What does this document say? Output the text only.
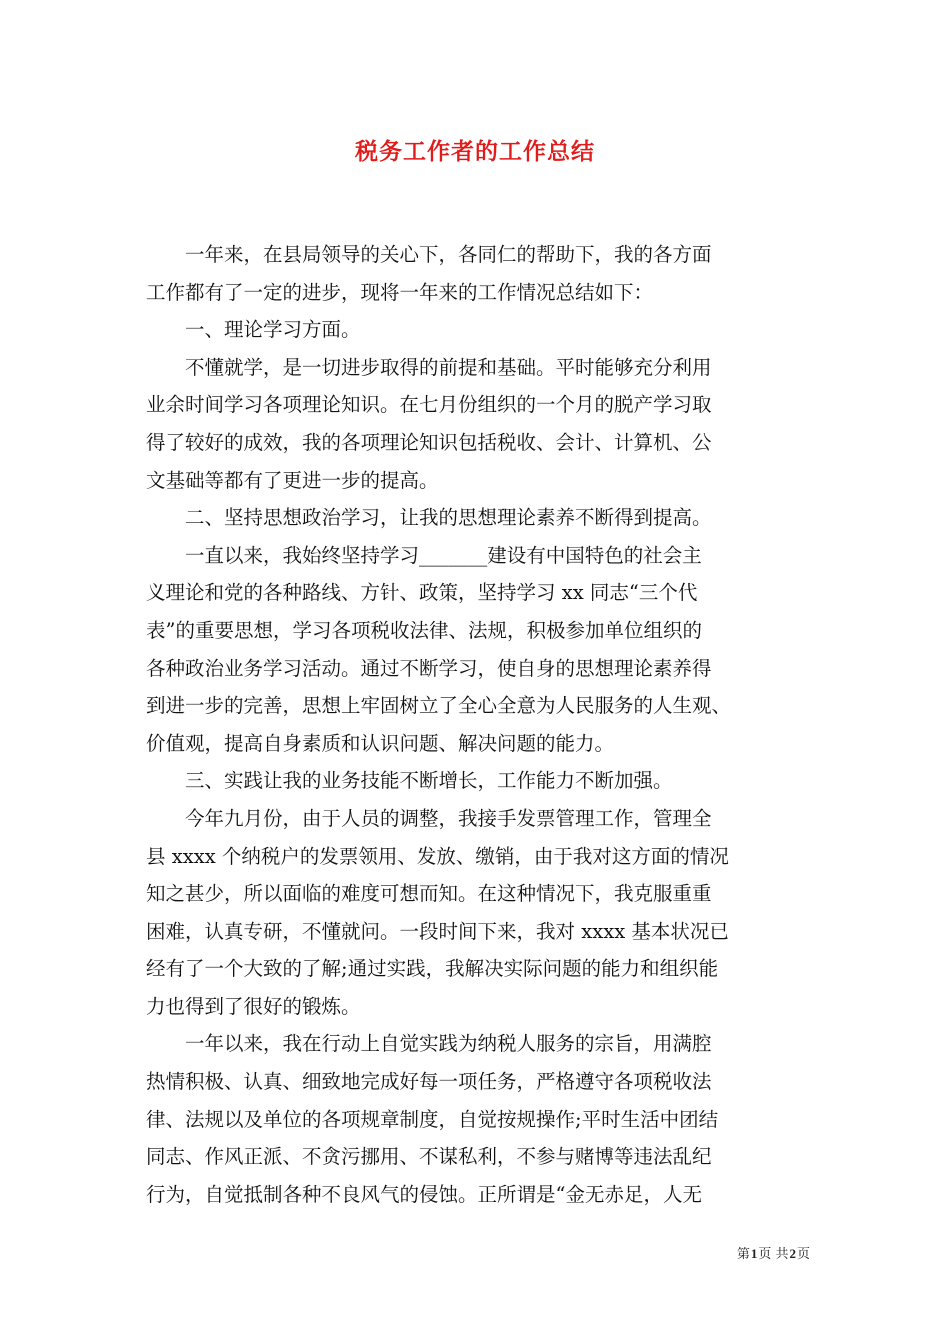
税务工作者的工作总结
一年来，在县局领导的关心下，各同仁的帮助下，我的各方面
工作都有了一定的进步，现将一年来的工作情况总结如下：
一、理论学习方面。
不懂就学，是一切进步取得的前提和基础。平时能够充分利用
业余时间学习各项理论知识。在七月份组织的一个月的脱产学习取
得了较好的成效，我的各项理论知识包括税收、会计、计算机、公
文基础等都有了更进一步的提高。
二、坚持思想政治学习，让我的思想理论素养不断得到提高。
一直以来，我始终坚持学习_______建设有中国特色的社会主
义理论和党的各种路线、方针、政策，坚持学习 xx 同志“三个代
表”的重要思想，学习各项税收法律、法规，积极参加单位组织的
各种政治业务学习活动。通过不断学习，使自身的思想理论素养得
到进一步的完善，思想上牢固树立了全心全意为人民服务的人生观、
价值观，提高自身素质和认识问题、解决问题的能力。
三、实践让我的业务技能不断增长，工作能力不断加强。
今年九月份，由于人员的调整，我接手发票管理工作，管理全
县 xxxx 个纳税户的发票领用、发放、缴销，由于我对这方面的情况
知之甚少，所以面临的难度可想而知。在这种情况下，我克服重重
困难，认真专研，不懂就问。一段时间下来，我对 xxxx 基本状况已
经有了一个大致的了解;通过实践，我解决实际问题的能力和组织能
力也得到了很好的锻炼。
一年以来，我在行动上自觉实践为纳税人服务的宗旨，用满腔
热情积极、认真、细致地完成好每一项任务，严格遵守各项税收法
律、法规以及单位的各项规章制度，自觉按规操作;平时生活中团结
同志、作风正派、不贪污挪用、不谋私利，不参与赌博等违法乱纪
行为，自觉抵制各种不良风气的侵蚀。正所谓是“金无赤足，人无
第1页 共2页
